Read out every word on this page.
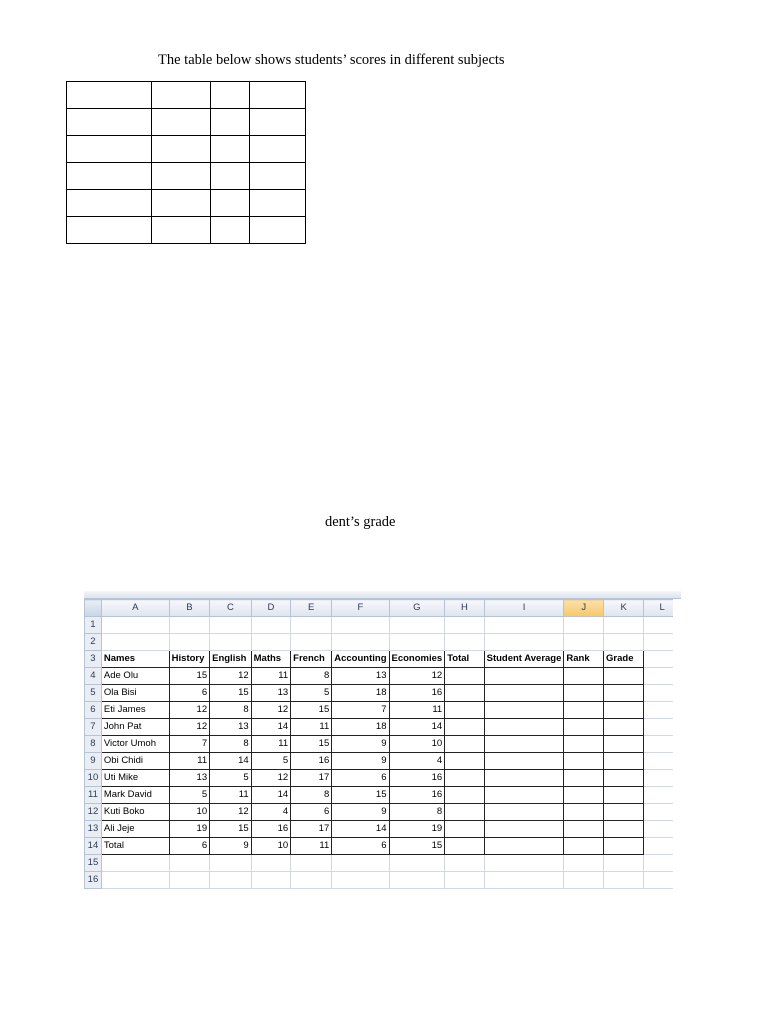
The table below shows students’ scores in different subjects

dent’s grade
	A	B	C	D	E	F	G	H	I	J	K	L
1												
2												
3	Names	History	English	Maths	French	Accounting	Economies	Total	Student Average	Rank	Grade	
4	Ade Olu	15	12	11	8	13	12					
5	Ola Bisi	6	15	13	5	18	16					
6	Eti James	12	8	12	15	7	11					
7	John Pat	12	13	14	11	18	14					
8	Victor Umoh	7	8	11	15	9	10					
9	Obi Chidi	11	14	5	16	9	4					
10	Uti Mike	13	5	12	17	6	16					
11	Mark David	5	11	14	8	15	16					
12	Kuti Boko	10	12	4	6	9	8					
13	Ali Jeje	19	15	16	17	14	19					
14	Total	6	9	10	11	6	15					
15												
16												
